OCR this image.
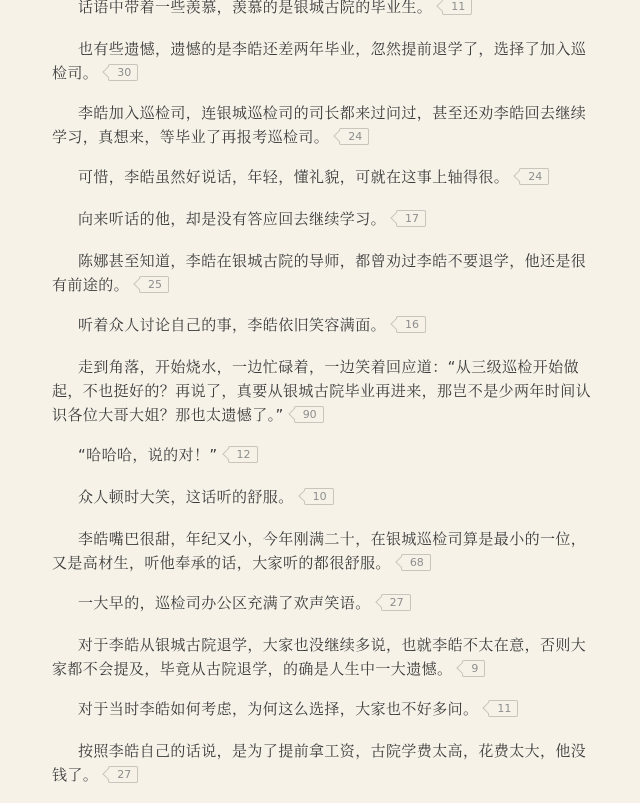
话语中带着一些羡慕，羡慕的是银城古院的毕业生。 11

也有些遗憾，遗憾的是李皓还差两年毕业，忽然提前退学了，选择了加入巡检司。 30

李皓加入巡检司，连银城巡检司的司长都来过问过，甚至还劝李皓回去继续学习，真想来，等毕业了再报考巡检司。 24

可惜，李皓虽然好说话，年轻，懂礼貌，可就在这事上轴得很。 24

向来听话的他，却是没有答应回去继续学习。 17

陈娜甚至知道，李皓在银城古院的导师，都曾劝过李皓不要退学，他还是很有前途的。 25

听着众人讨论自己的事，李皓依旧笑容满面。 16

走到角落，开始烧水，一边忙碌着，一边笑着回应道：“从三级巡检开始做起，不也挺好的？再说了，真要从银城古院毕业再进来，那岂不是少两年时间认识各位大哥大姐？那也太遗憾了。” 90

“哈哈哈，说的对！” 12

众人顿时大笑，这话听的舒服。 10

李皓嘴巴很甜，年纪又小，今年刚满二十，在银城巡检司算是最小的一位，又是高材生，听他奉承的话，大家听的都很舒服。 68

一大早的，巡检司办公区充满了欢声笑语。 27

对于李皓从银城古院退学，大家也没继续多说，也就李皓不太在意，否则大家都不会提及，毕竟从古院退学，的确是人生中一大遗憾。 9

对于当时李皓如何考虑，为何这么选择，大家也不好多问。 11

按照李皓自己的话说，是为了提前拿工资，古院学费太高，花费太大，他没钱了。 27
